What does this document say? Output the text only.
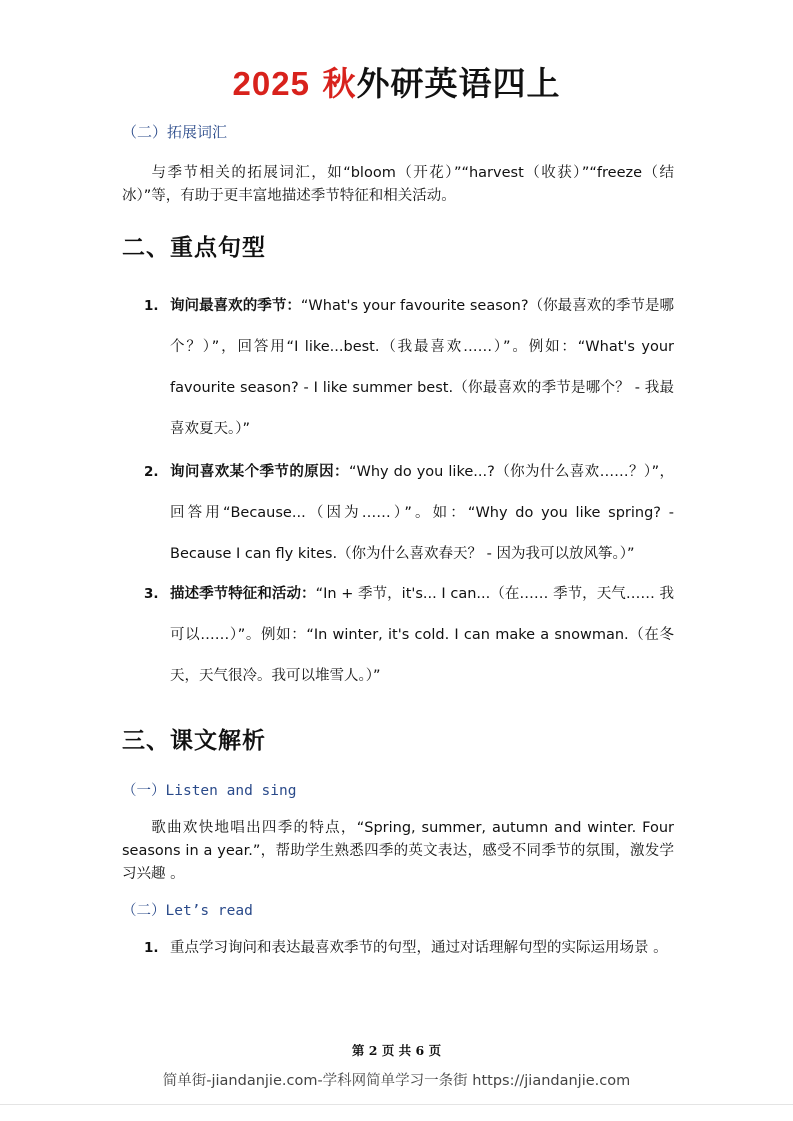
2025 秋外研英语四上
（二）拓展词汇
与季节相关的拓展词汇，如“bloom（开花）”“harvest（收获）”“freeze（结冰）”等，有助于更丰富地描述季节特征和相关活动。
二、重点句型
1. 询问最喜欢的季节：“What's your favourite season?（你最喜欢的季节是哪个？）”，回答用“I like...best.（我最喜欢……）”。例如：“What's your favourite season? - I like summer best.（你最喜欢的季节是哪个？ - 我最喜欢夏天。）”
2. 询问喜欢某个季节的原因：“Why do you like...?（你为什么喜欢……？）”，回答用“Because...（因为……）”。如：“Why do you like spring? - Because I can fly kites.（你为什么喜欢春天？ - 因为我可以放风筝。）”
3. 描述季节特征和活动：“In + 季节，it's... I can...（在…… 季节，天气…… 我可以……）”。例如：“In winter, it's cold. I can make a snowman.（在冬天，天气很冷。我可以堆雪人。）”
三、课文解析
（一）Listen and sing
歌曲欢快地唱出四季的特点，“Spring, summer, autumn and winter. Four seasons in a year.”，帮助学生熟悉四季的英文表达，感受不同季节的氛围，激发学习兴趣 。
（二）Let’s read
1. 重点学习询问和表达最喜欢季节的句型，通过对话理解句型的实际运用场景 。
第 2 页 共 6 页
简单街-jiandanjie.com-学科网简单学习一条街 https://jiandanjie.com
